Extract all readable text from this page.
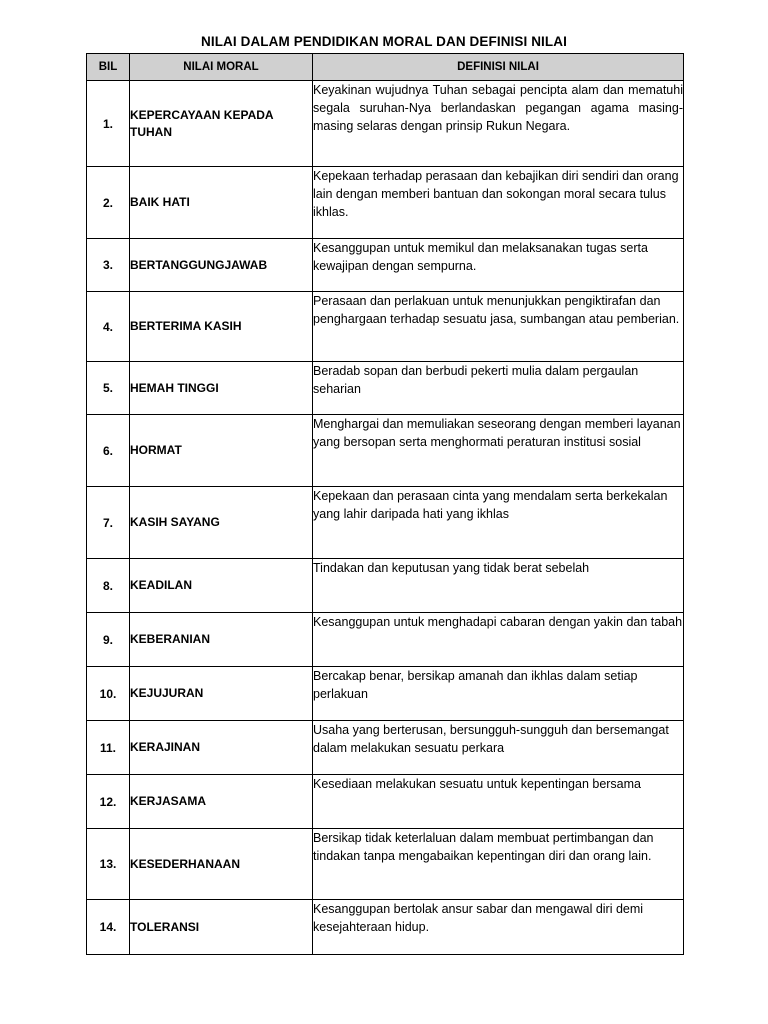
NILAI DALAM PENDIDIKAN MORAL DAN DEFINISI NILAI
BIL	NILAI MORAL	DEFINISI NILAI
1.	KEPERCAYAAN KEPADA TUHAN	Keyakinan wujudnya Tuhan sebagai pencipta alam dan mematuhi segala suruhan-Nya berlandaskan pegangan agama masing-masing selaras dengan prinsip Rukun Negara.
2.	BAIK HATI	Kepekaan terhadap perasaan dan kebajikan diri sendiri dan orang lain dengan memberi bantuan dan sokongan moral secara tulus ikhlas.
3.	BERTANGGUNGJAWAB	Kesanggupan untuk memikul dan melaksanakan tugas serta kewajipan dengan sempurna.
4.	BERTERIMA KASIH	Perasaan dan perlakuan untuk menunjukkan pengiktirafan dan penghargaan terhadap sesuatu jasa, sumbangan atau pemberian.
5.	HEMAH TINGGI	Beradab sopan dan berbudi pekerti mulia dalam pergaulan seharian
6.	HORMAT	Menghargai dan memuliakan seseorang dengan memberi layanan yang bersopan serta menghormati peraturan institusi sosial
7.	KASIH SAYANG	Kepekaan dan perasaan cinta yang mendalam serta berkekalan yang lahir daripada hati yang ikhlas
8.	KEADILAN	Tindakan dan keputusan yang tidak berat sebelah
9.	KEBERANIAN	Kesanggupan untuk menghadapi cabaran dengan yakin dan tabah
10.	KEJUJURAN	Bercakap benar, bersikap amanah dan ikhlas dalam setiap perlakuan
11.	KERAJINAN	Usaha yang berterusan, bersungguh-sungguh dan bersemangat dalam melakukan sesuatu perkara
12.	KERJASAMA	Kesediaan melakukan sesuatu untuk kepentingan bersama
13.	KESEDERHANAAN	Bersikap tidak keterlaluan dalam membuat pertimbangan dan tindakan tanpa mengabaikan kepentingan diri dan orang lain.
14.	TOLERANSI	Kesanggupan bertolak ansur sabar dan mengawal diri demi kesejahteraan hidup.
